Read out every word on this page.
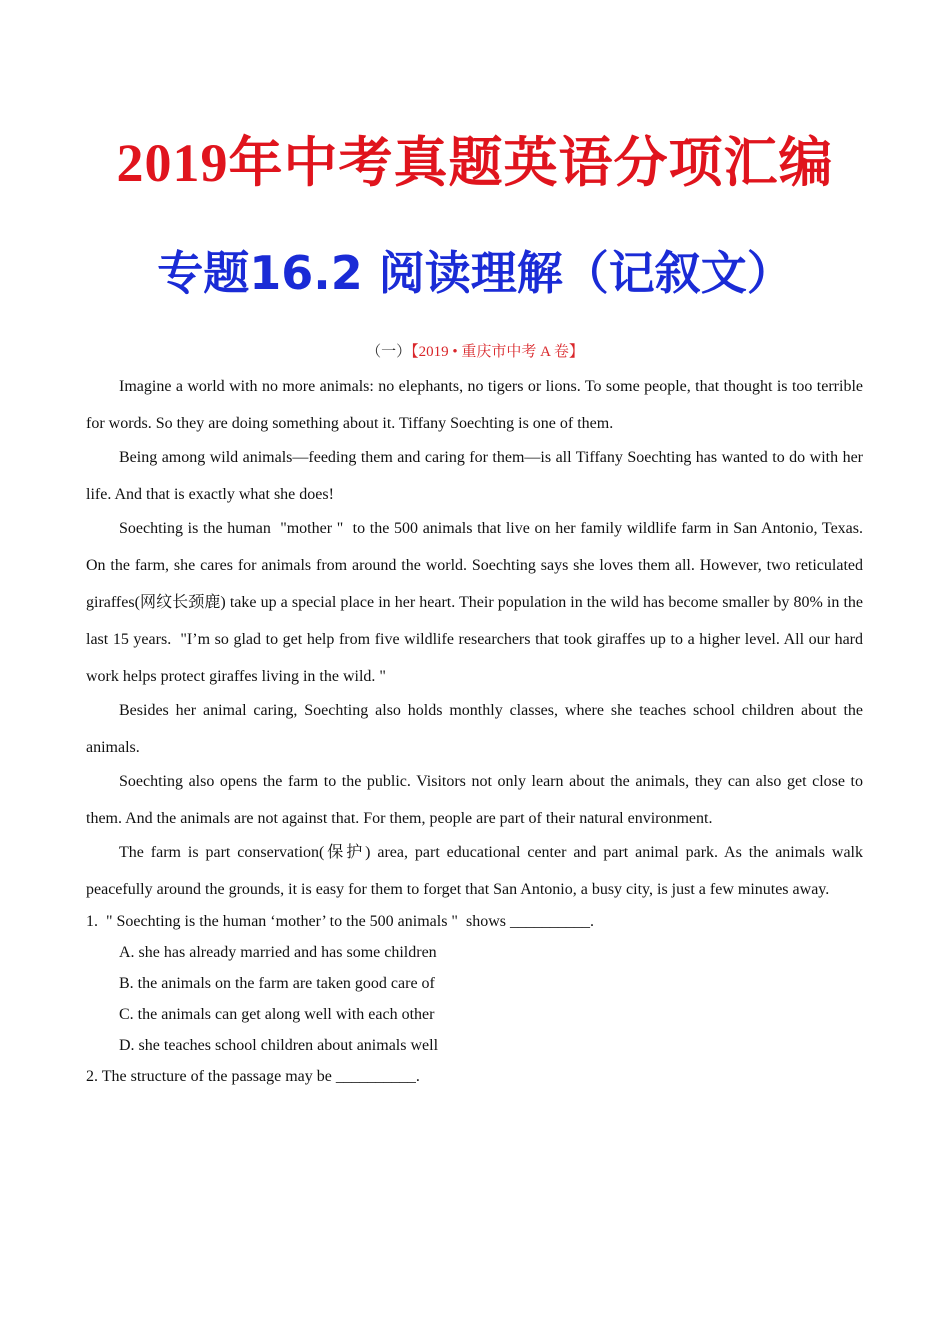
2019年中考真题英语分项汇编
专题16.2 阅读理解（记叙文）
（一）【2019 • 重庆市中考 A 卷】

Imagine a world with no more animals: no elephants, no tigers or lions. To some people, that thought is too terrible for words. So they are doing something about it. Tiffany Soechting is one of them.

Being among wild animals—feeding them and caring for them—is all Tiffany Soechting has wanted to do with her life. And that is exactly what she does!

Soechting is the human  "mother "  to the 500 animals that live on her family wildlife farm in San Antonio, Texas. On the farm, she cares for animals from around the world. Soechting says she loves them all. However, two reticulated giraffes(网纹长颈鹿) take up a special place in her heart. Their population in the wild has become smaller by 80% in the last 15 years.  "I’m so glad to get help from five wildlife researchers that took giraffes up to a higher level. All our hard work helps protect giraffes living in the wild. "

Besides her animal caring, Soechting also holds monthly classes, where she teaches school children about the animals.

Soechting also opens the farm to the public. Visitors not only learn about the animals, they can also get close to them. And the animals are not against that. For them, people are part of their natural environment.

The farm is part conservation(保护) area, part educational center and part animal park. As the animals walk peacefully around the grounds, it is easy for them to forget that San Antonio, a busy city, is just a few minutes away.

1.  " Soechting is the human ‘mother’ to the 500 animals "  shows __________.

A. she has already married and has some children

B. the animals on the farm are taken good care of

C. the animals can get along well with each other

D. she teaches school children about animals well

2. The structure of the passage may be __________.
